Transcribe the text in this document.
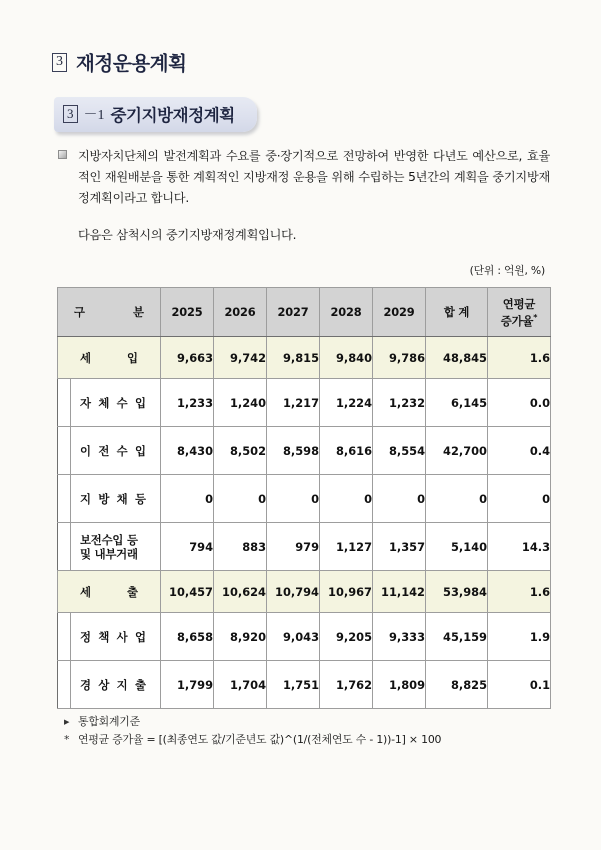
3 재정운용계획
3 －1 중기지방재정계획
지방자치단체의 발전계획과 수요를 중·장기적으로 전망하여 반영한 다년도 예산으로, 효율적인 재원배분을 통한 계획적인 지방재정 운용을 위해 수립하는 5년간의 계획을 중기지방재정계획이라고 합니다.
다음은 삼척시의 중기지방재정계획입니다.
(단위 : 억원, %)
구 분	2025	2026	2027	2028	2029	합 계	연평균
증가율*

세 입	9,663	9,742	9,815	9,840	9,786	48,845	1.6

자 체 수 입	1,233	1,240	1,217	1,224	1,232	6,145	0.0

이 전 수 입	8,430	8,502	8,598	8,616	8,554	42,700	0.4

지 방 채 등	0	0	0	0	0	0	0

보전수입 등
및 내부거래	794	883	979	1,127	1,357	5,140	14.3

세 출	10,457	10,624	10,794	10,967	11,142	53,984	1.6

정 책 사 업	8,658	8,920	9,043	9,205	9,333	45,159	1.9

경 상 지 출	1,799	1,704	1,751	1,762	1,809	8,825	0.1
▸ 통합회계기준
* 연평균 증가율 = [(최종연도 값/기준년도 값)^(1/(전체연도 수 - 1))-1] × 100
